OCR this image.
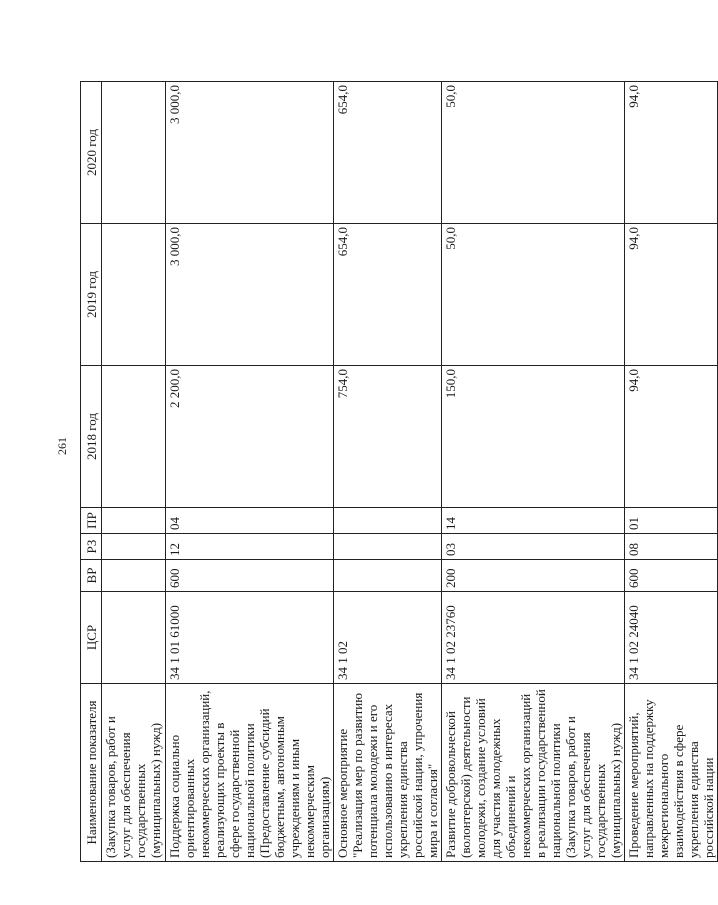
261
Наименование показателя	ЦСР	ВР	РЗ	ПР	2018 год	2019 год	2020 год
(Закупка товаров, работ и услуг для обеспечения государственных (муниципальных) нужд)							
Поддержка социально ориентированных некоммерческих организаций, реализующих проекты в сфере государственной национальной политики (Предоставление субсидий бюджетным, автономным учреждениям и иным некоммерческим организациям)	34 1 01 61000	600	12	04	2 200,0	3 000,0	3 000,0
Основное мероприятие "Реализация мер по развитию потенциала молодежи и его использованию в интересах укрепления единства российской нации, упрочения мира и согласия"	34 1 02				754,0	654,0	654,0
Развитие добровольческой (волонтерской) деятельности молодежи, создание условий для участия молодежных объединений и некоммерческих организаций в реализации государственной национальной политики (Закупка товаров, работ и услуг для обеспечения государственных (муниципальных) нужд)	34 1 02 23760	200	03	14	150,0	50,0	50,0
Проведение мероприятий, направленных на поддержку межрегионального взаимодействия в сфере укрепления единства российской нации	34 1 02 24040	600	08	01	94,0	94,0	94,0
